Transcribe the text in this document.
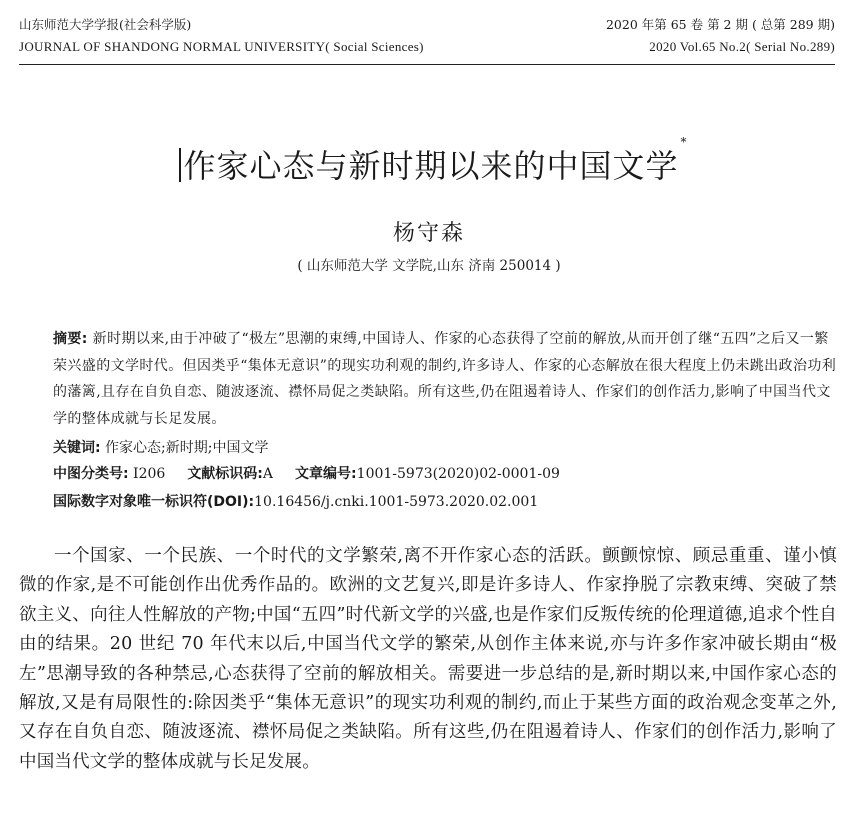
山东师范大学学报(社会科学版)	2020 年第 65 卷 第 2 期 ( 总第 289 期)
JOURNAL OF SHANDONG NORMAL UNIVERSITY( Social Sciences)	2020 Vol.65 No.2( Serial No.289)
作家心态与新时期以来的中国文学
*
杨守森
( 山东师范大学 文学院,山东 济南 250014 )
摘要: 新时期以来,由于冲破了“极左”思潮的束缚,中国诗人、作家的心态获得了空前的解放,从而开创了继“五四”之后又一繁荣兴盛的文学时代。但因类乎“集体无意识”的现实功利观的制约,许多诗人、作家的心态解放在很大程度上仍未跳出政治功利的藩篱,且存在自负自恋、随波逐流、襟怀局促之类缺陷。所有这些,仍在阻遏着诗人、作家们的创作活力,影响了中国当代文学的整体成就与长足发展。
关键词: 作家心态;新时期;中国文学
中图分类号: I206 文献标识码:A 文章编号:1001-5973(2020)02-0001-09
国际数字对象唯一标识符(DOI):10.16456/j.cnki.1001-5973.2020.02.001

一个国家、一个民族、一个时代的文学繁荣,离不开作家心态的活跃。颤颤惊惊、顾忌重重、谨小慎微的作家,是不可能创作出优秀作品的。欧洲的文艺复兴,即是许多诗人、作家挣脱了宗教束缚、突破了禁欲主义、向往人性解放的产物;中国“五四”时代新文学的兴盛,也是作家们反叛传统的伦理道德,追求个性自由的结果。20 世纪 70 年代末以后,中国当代文学的繁荣,从创作主体来说,亦与许多作家冲破长期由“极左”思潮导致的各种禁忌,心态获得了空前的解放相关。需要进一步总结的是,新时期以来,中国作家心态的解放,又是有局限性的:除因类乎“集体无意识”的现实功利观的制约,而止于某些方面的政治观念变革之外,又存在自负自恋、随波逐流、襟怀局促之类缺陷。所有这些,仍在阻遏着诗人、作家们的创作活力,影响了中国当代文学的整体成就与长足发展。
